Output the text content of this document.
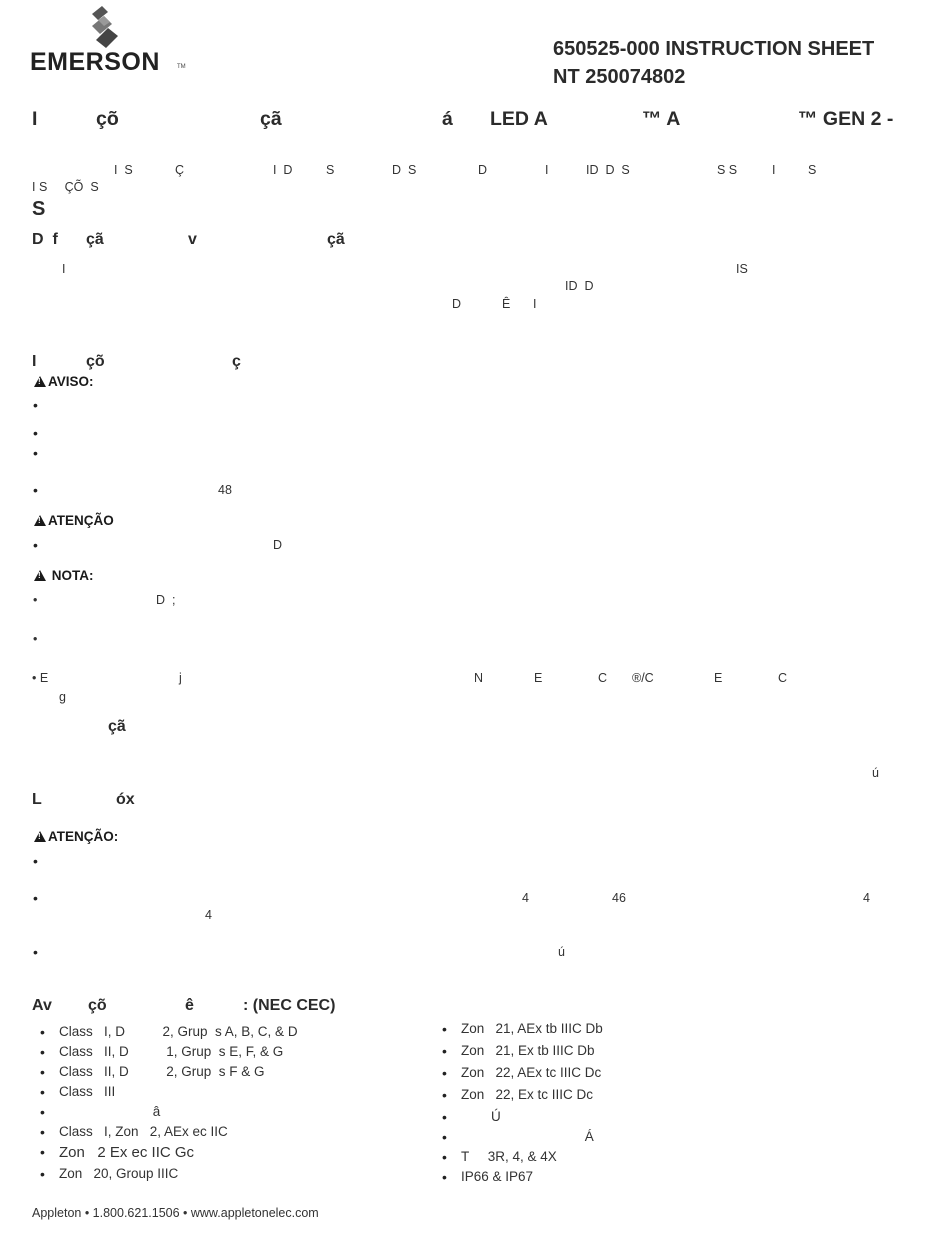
EMERSON	TM
650525-000 INSTRUCTION SHEET
NT 250074802
I	çõ	çã	á LED A	™ A	™ GEN 2 -
I  S	Ç	I  D	S	D  S	D	I	ID  D  S	S S	I	S
I S     ÇÕ  S
S
D  f çã	v	çã
I	IS
ID  D
D	Ê I
I	çõ	ç
!AVISO:
•
•
•
•	48
!ATENÇÃO
•	D
! NOTA:
•	D  ;
•
• E	j	N	E	C ®/C	E	C
g
çã
ú
L	óx
!ATENÇÃO:
•
•	4	46	4
4
•	ú
Av çõ	ê	: (NEC CEC)
• Class   I, D          2, Grup  s A, B, C, & D
• Class   II, D          1, Grup  s E, F, & G
• Class   II, D          2, Grup  s F & G
• Class   III
•                          â
• Class   I, Zon   2, AEx ec IIC
• Zon   2 Ex ec IIC Gc
• Zon   20, Group IIIC
• Zon   21, AEx tb IIIC Db
• Zon   21, Ex tb IIIC Db
• Zon   22, AEx tc IIIC Dc
• Zon   22, Ex tc IIIC Dc
•         Ú
•                                  Á
• T     3R, 4, & 4X
• IP66 & IP67
Appleton • 1.800.621.1506 • www.appletonelec.com
